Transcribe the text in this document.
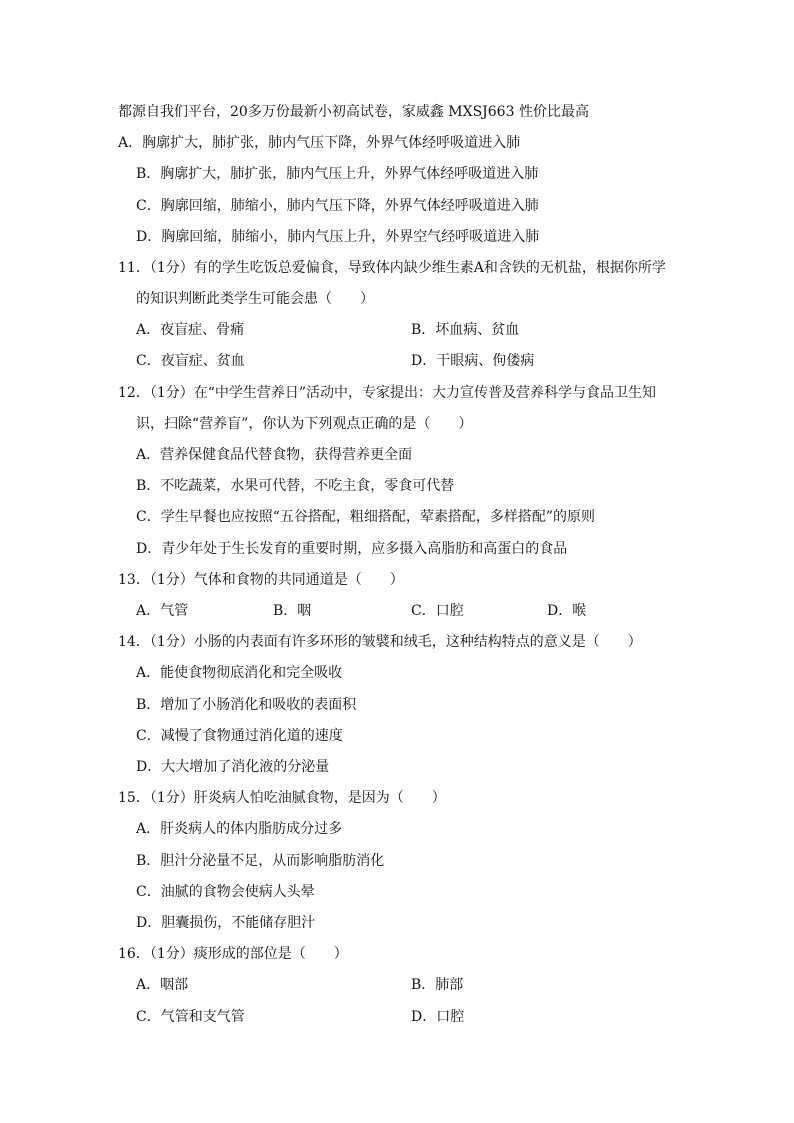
都源自我们平台，20多万份最新小初高试卷，家威鑫 MXSJ663 性价比最高
A．胸廓扩大，肺扩张，肺内气压下降，外界气体经呼吸道进入肺
B．胸廓扩大，肺扩张，肺内气压上升，外界气体经呼吸道进入肺
C．胸廓回缩，肺缩小，肺内气压下降，外界气体经呼吸道进入肺
D．胸廓回缩，肺缩小，肺内气压上升，外界空气经呼吸道进入肺
11．（1分）有的学生吃饭总爱偏食，导致体内缺少维生素A和含铁的无机盐，根据你所学
的知识判断此类学生可能会患（　　）
A．夜盲症、骨痛	B．坏血病、贫血
C．夜盲症、贫血	D．干眼病、佝偻病
12．（1分）在“中学生营养日”活动中，专家提出：大力宣传普及营养科学与食品卫生知
识，扫除“营养盲”，你认为下列观点正确的是（　　）
A．营养保健食品代替食物，获得营养更全面
B．不吃蔬菜，水果可代替，不吃主食，零食可代替
C．学生早餐也应按照“五谷搭配，粗细搭配，荤素搭配，多样搭配”的原则
D．青少年处于生长发育的重要时期，应多摄入高脂肪和高蛋白的食品
13．（1分）气体和食物的共同通道是（　　）
A．气管	B．咽	C．口腔	D．喉
14．（1分）小肠的内表面有许多环形的皱襞和绒毛，这种结构特点的意义是（　　）
A．能使食物彻底消化和完全吸收
B．增加了小肠消化和吸收的表面积
C．减慢了食物通过消化道的速度
D．大大增加了消化液的分泌量
15．（1分）肝炎病人怕吃油腻食物，是因为（　　）
A．肝炎病人的体内脂肪成分过多
B．胆汁分泌量不足，从而影响脂肪消化
C．油腻的食物会使病人头晕
D．胆囊损伤，不能储存胆汁
16．（1分）痰形成的部位是（　　）
A．咽部	B．肺部
C．气管和支气管	D．口腔
